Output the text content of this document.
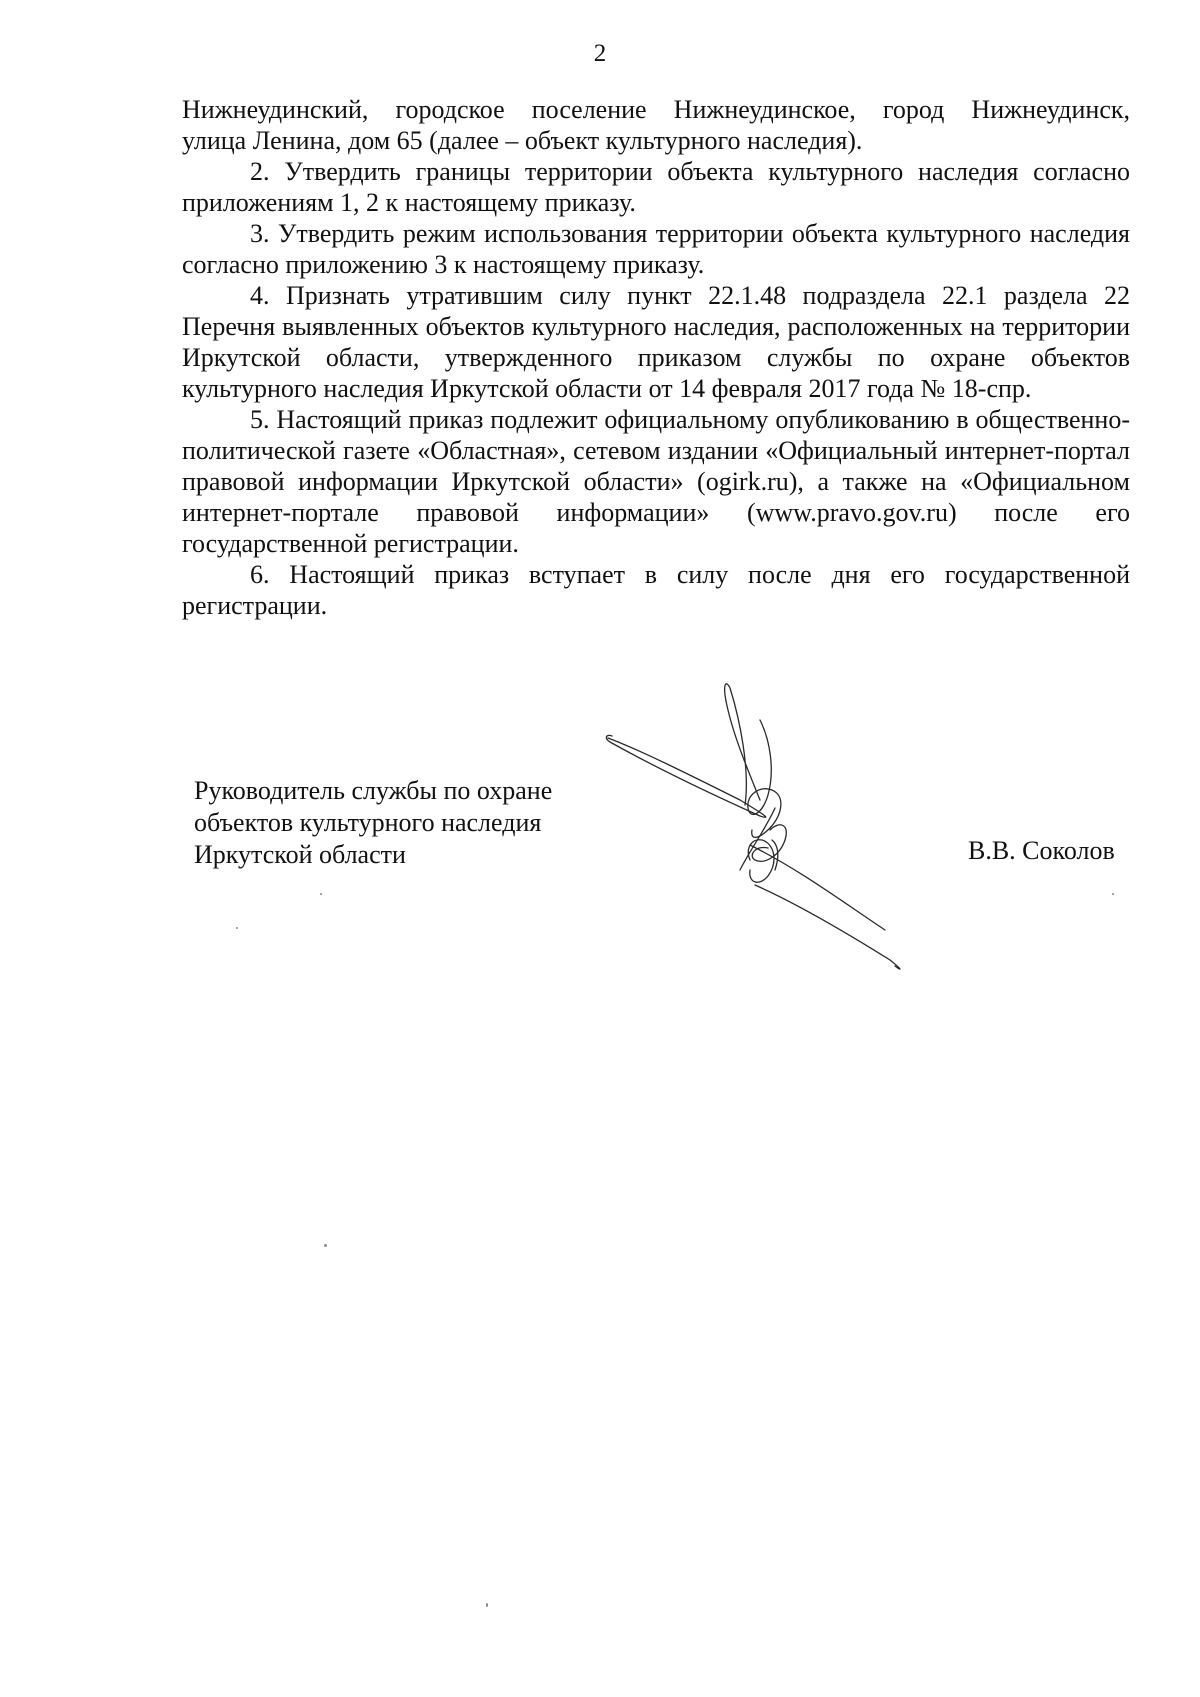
2

Нижнеудинский, городское поселение Нижнеудинское, город Нижнеудинск,
улица Ленина, дом 65 (далее – объект культурного наследия).

2. Утвердить границы территории объекта культурного наследия согласно приложениям 1, 2 к настоящему приказу.

3. Утвердить режим использования территории объекта культурного наследия согласно приложению 3 к настоящему приказу.

4. Признать утратившим силу пункт 22.1.48 подраздела 22.1 раздела 22 Перечня выявленных объектов культурного наследия, расположенных на территории Иркутской области, утвержденного приказом службы по охране объектов культурного наследия Иркутской области от 14 февраля 2017 года № 18-спр.

5. Настоящий приказ подлежит официальному опубликованию в общественно-политической газете «Областная», сетевом издании «Официальный интернет-портал правовой информации Иркутской области» (ogirk.ru), а также на «Официальном интернет-портале правовой информации» (www.pravo.gov.ru) после его государственной регистрации.

6. Настоящий приказ вступает в силу после дня его государственной регистрации.

Руководитель службы по охране
объектов культурного наследия
Иркутской области	В.В. Соколов
